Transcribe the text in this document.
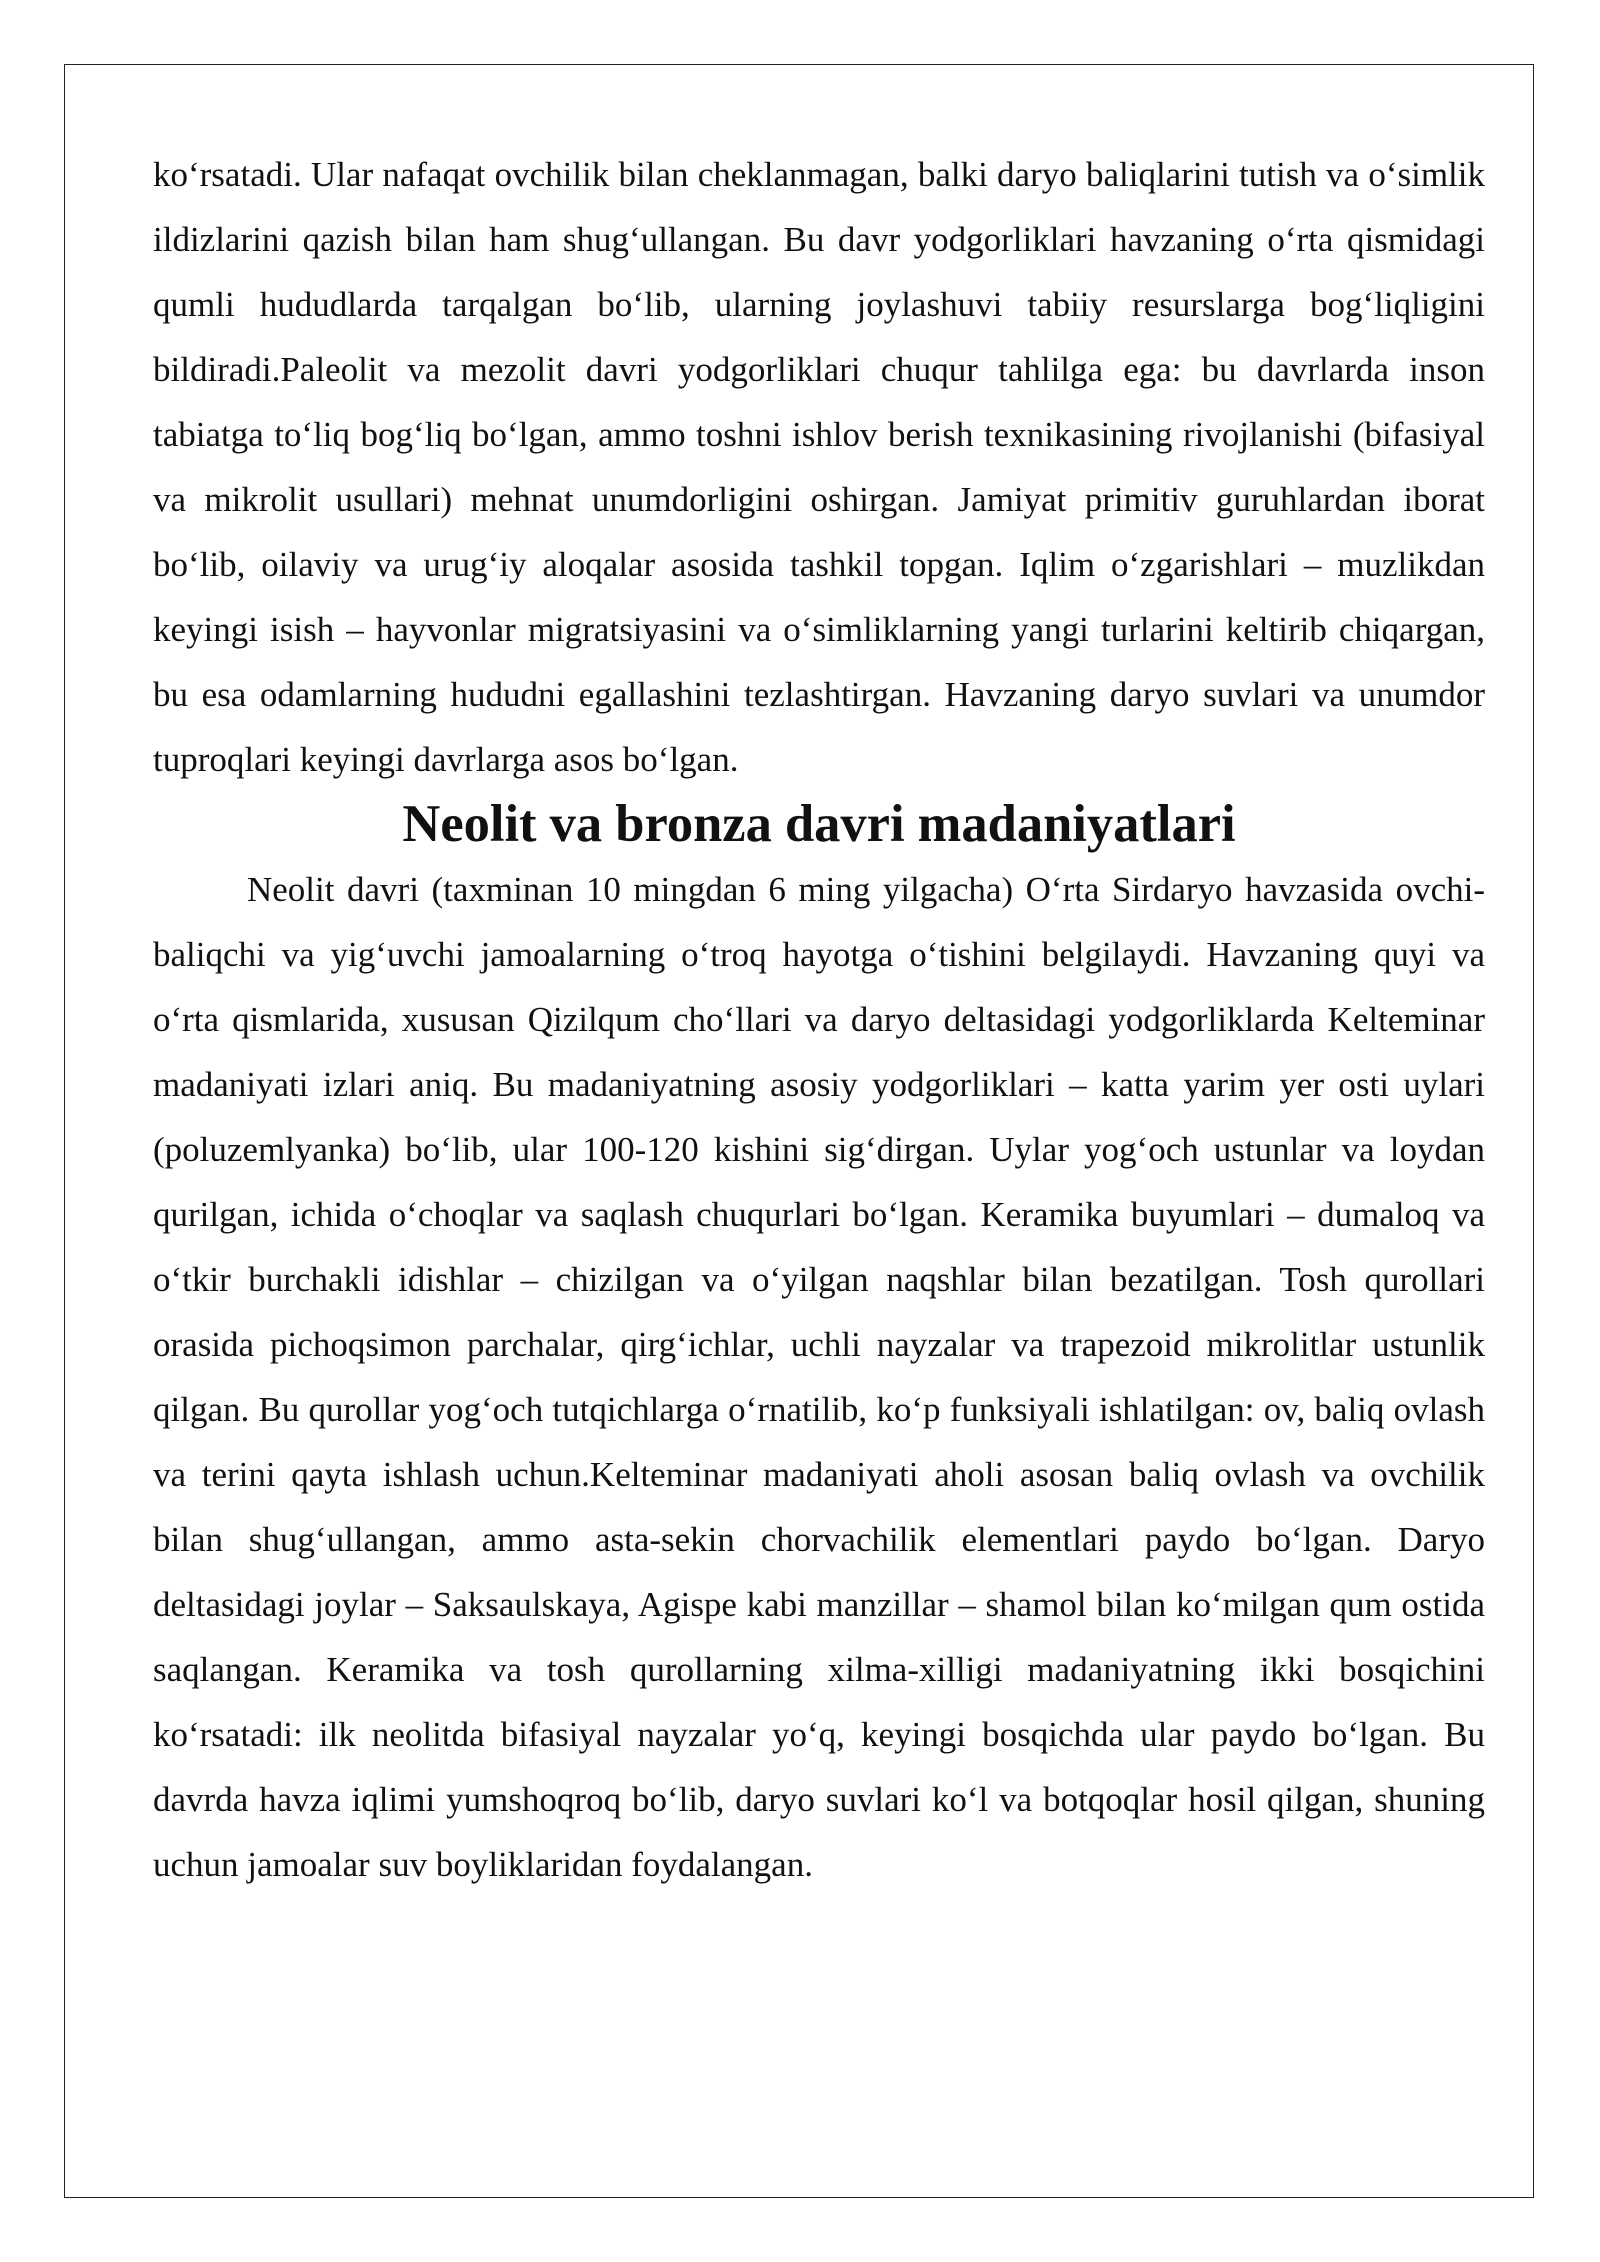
ko‘rsatadi. Ular nafaqat ovchilik bilan cheklanmagan, balki daryo baliqlarini tutish va o‘simlik ildizlarini qazish bilan ham shug‘ullangan. Bu davr yodgorliklari havzaning o‘rta qismidagi qumli hududlarda tarqalgan bo‘lib, ularning joylashuvi tabiiy resurslarga bog‘liqligini bildiradi.Paleolit va mezolit davri yodgorliklari chuqur tahlilga ega: bu davrlarda inson tabiatga to‘liq bog‘liq bo‘lgan, ammo toshni ishlov berish texnikasining rivojlanishi (bifasiyal va mikrolit usullari) mehnat unumdorligini oshirgan. Jamiyat primitiv guruhlardan iborat bo‘lib, oilaviy va urug‘iy aloqalar asosida tashkil topgan. Iqlim o‘zgarishlari – muzlikdan keyingi isish – hayvonlar migratsiyasini va o‘simliklarning yangi turlarini keltirib chiqargan, bu esa odamlarning hududni egallashini tezlashtirgan. Havzaning daryo suvlari va unumdor tuproqlari keyingi davrlarga asos bo‘lgan.

Neolit va bronza davri madaniyatlari

Neolit davri (taxminan 10 mingdan 6 ming yilgacha) O‘rta Sirdaryo havzasida ovchi-baliqchi va yig‘uvchi jamoalarning o‘troq hayotga o‘tishini belgilaydi. Havzaning quyi va o‘rta qismlarida, xususan Qizilqum cho‘llari va daryo deltasidagi yodgorliklarda Kelteminar madaniyati izlari aniq. Bu madaniyatning asosiy yodgorliklari – katta yarim yer osti uylari (poluzemlyanka) bo‘lib, ular 100-120 kishini sig‘dirgan. Uylar yog‘och ustunlar va loydan qurilgan, ichida o‘choqlar va saqlash chuqurlari bo‘lgan. Keramika buyumlari – dumaloq va o‘tkir burchakli idishlar – chizilgan va o‘yilgan naqshlar bilan bezatilgan. Tosh qurollari orasida pichoqsimon parchalar, qirg‘ichlar, uchli nayzalar va trapezoid mikrolitlar ustunlik qilgan. Bu qurollar yog‘och tutqichlarga o‘rnatilib, ko‘p funksiyali ishlatilgan: ov, baliq ovlash va terini qayta ishlash uchun.Kelteminar madaniyati aholi asosan baliq ovlash va ovchilik bilan shug‘ullangan, ammo asta-sekin chorvachilik elementlari paydo bo‘lgan. Daryo deltasidagi joylar – Saksaulskaya, Agispe kabi manzillar – shamol bilan ko‘milgan qum ostida saqlangan. Keramika va tosh qurollarning xilma-xilligi madaniyatning ikki bosqichini ko‘rsatadi: ilk neolitda bifasiyal nayzalar yo‘q, keyingi bosqichda ular paydo bo‘lgan. Bu davrda havza iqlimi yumshoqroq bo‘lib, daryo suvlari ko‘l va botqoqlar hosil qilgan, shuning uchun jamoalar suv boyliklaridan foydalangan.
